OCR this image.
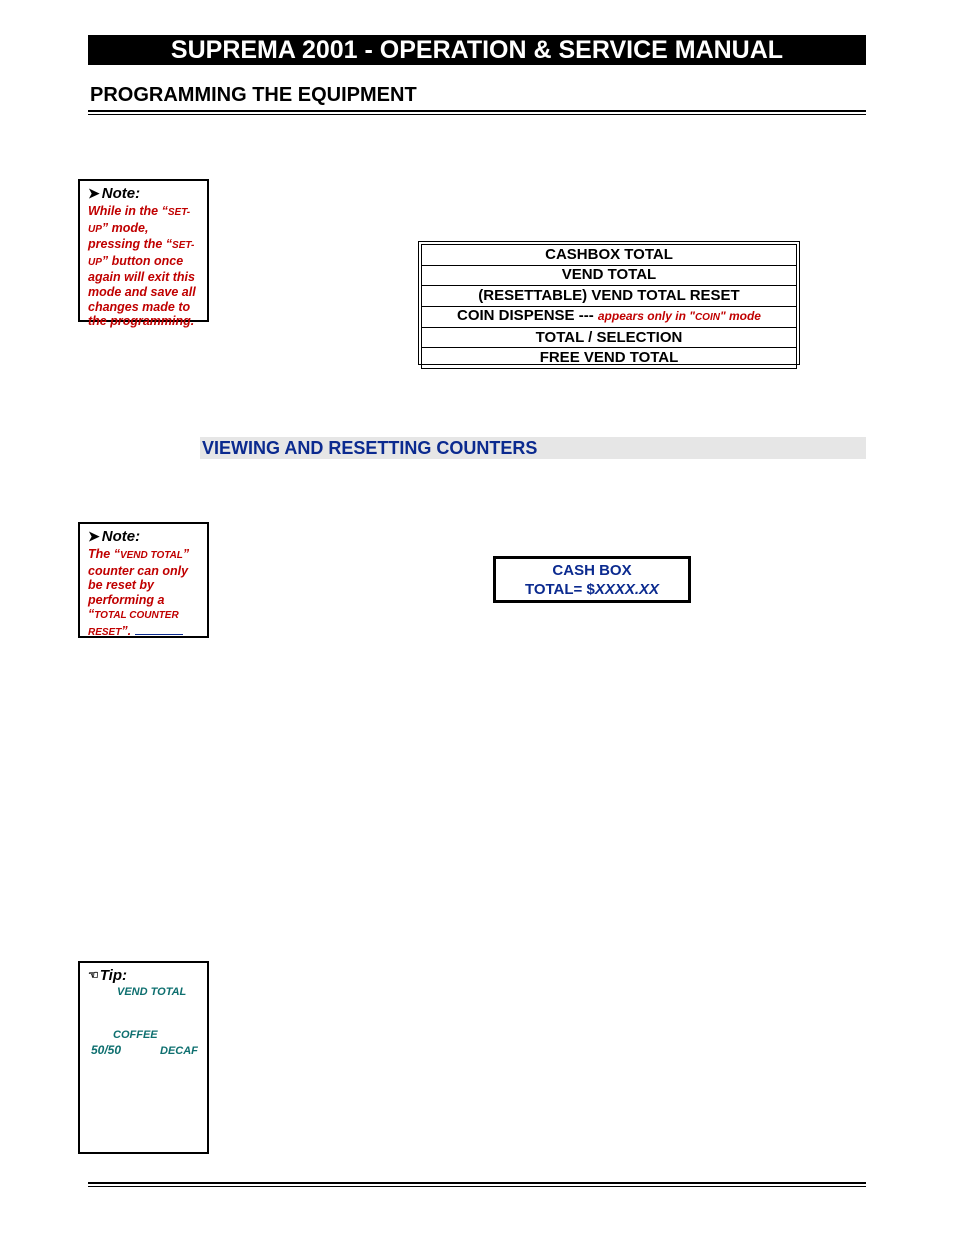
SUPREMA 2001 - OPERATION & SERVICE MANUAL
PROGRAMMING THE EQUIPMENT
➤ Note:
While in the “SET-UP” mode, pressing the “SET-UP” button once again will exit this mode and save all changes made to the programming.
CASHBOX TOTAL
VEND TOTAL
(RESETTABLE) VEND TOTAL RESET
COIN DISPENSE --- appears only in "COIN" mode
TOTAL / SELECTION
FREE VEND TOTAL
VIEWING AND RESETTING COUNTERS
➤ Note:
The “VEND TOTAL” counter can only be reset by performing a “TOTAL COUNTER RESET”.
CASH BOX
TOTAL= $XXXX.XX
☜ Tip:
VEND TOTAL
COFFEE
50/50	DECAF
